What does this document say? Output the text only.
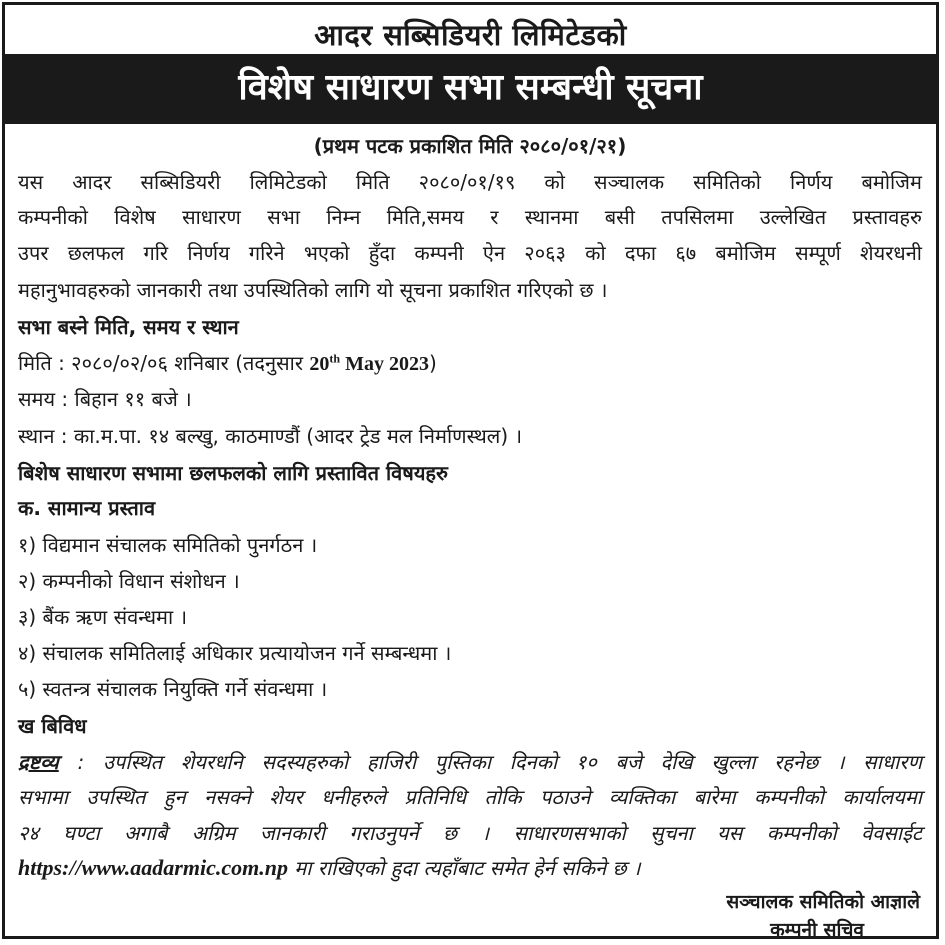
आदर सब्सिडियरी लिमिटेडको
विशेष साधारण सभा सम्बन्धी सूचना
(प्रथम पटक प्रकाशित मिति २०८०/०१/२१)
यस आदर सब्सिडियरी लिमिटेडको मिति २०८०/०१/१९ को सञ्चालक समितिको निर्णय बमोजिम
कम्पनीको विशेष साधारण सभा निम्न मिति,समय र स्थानमा बसी तपसिलमा उल्लेखित प्रस्तावहरु
उपर छलफल गरि निर्णय गरिने भएको हुँदा कम्पनी ऐन २०६३ को दफा ६७ बमोजिम सम्पूर्ण शेयरधनी
महानुभावहरुको जानकारी तथा उपस्थितिको लागि यो सूचना प्रकाशित गरिएको छ ।
सभा बस्ने मिति, समय र स्थान
मिति : २०८०/०२/०६ शनिबार (तदनुसार 20th May 2023)
समय : बिहान ११ बजे ।
स्थान : का.म.पा. १४ बल्खु, काठमाण्डौं (आदर ट्रेड मल निर्माणस्थल) ।
बिशेष साधारण सभामा छलफलको लागि प्रस्तावित विषयहरु
क. सामान्य प्रस्ताव
१) विद्यमान संचालक समितिको पुनर्गठन ।
२) कम्पनीको विधान संशोधन ।
३) बैंक ऋण संवन्धमा ।
४) संचालक समितिलाई अधिकार प्रत्यायोजन गर्ने सम्बन्धमा ।
५) स्वतन्त्र संचालक नियुक्ति गर्ने संवन्धमा ।
ख बिविध
द्रष्टव्य : उपस्थित शेयरधनि सदस्यहरुको हाजिरी पुस्तिका दिनको १० बजे देखि खुल्ला रहनेछ । साधारण
सभामा उपस्थित हुन नसक्ने शेयर धनीहरुले प्रतिनिधि तोकि पठाउने व्यक्तिका बारेमा कम्पनीको कार्यालयमा
२४ घण्टा अगाबै अग्रिम जानकारी गराउनुपर्ने छ । साधारणसभाको सुचना यस कम्पनीको वेवसाईट
https://www.aadarmic.com.np मा राखिएको हुदा त्यहाँबाट समेत हेर्न सकिने छ ।
सञ्चालक समितिको आज्ञाले
कम्पनी सचिव
